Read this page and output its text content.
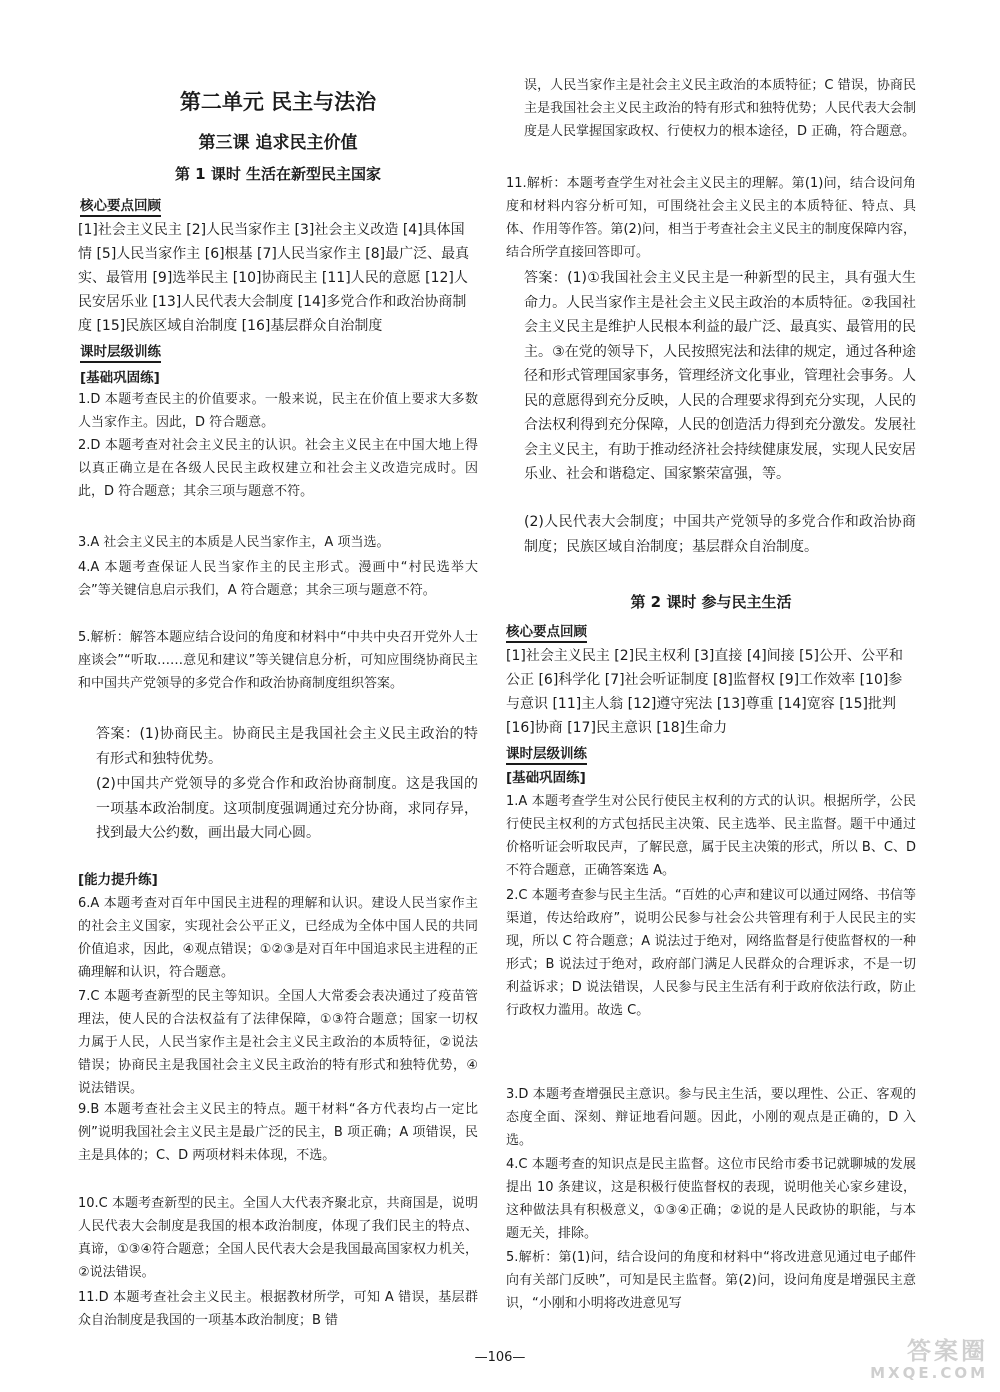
第二单元 民主与法治
第三课 追求民主价值
第 1 课时 生活在新型民主国家
核心要点回顾

[1]社会主义民主 [2]人民当家作主 [3]社会主义改造 [4]具体国情 [5]人民当家作主 [6]根基 [7]人民当家作主 [8]最广泛、最真实、最管用 [9]选举民主 [10]协商民主 [11]人民的意愿 [12]人民安居乐业 [13]人民代表大会制度 [14]多党合作和政治协商制度 [15]民族区域自治制度 [16]基层群众自治制度

课时层级训练
[基础巩固练]

1.D 本题考查民主的价值要求。一般来说，民主在价值上要求大多数人当家作主。因此，D 符合题意。

2.D 本题考查对社会主义民主的认识。社会主义民主在中国大地上得以真正确立是在各级人民民主政权建立和社会主义改造完成时。因此，D 符合题意；其余三项与题意不符。

3.A 社会主义民主的本质是人民当家作主，A 项当选。

4.A 本题考查保证人民当家作主的民主形式。漫画中“村民选举大会”等关键信息启示我们，A 符合题意；其余三项与题意不符。

5.解析：解答本题应结合设问的角度和材料中“中共中央召开党外人士座谈会”“听取……意见和建议”等关键信息分析，可知应围绕协商民主和中国共产党领导的多党合作和政治协商制度组织答案。

答案：(1)协商民主。协商民主是我国社会主义民主政治的特有形式和独特优势。

(2)中国共产党领导的多党合作和政治协商制度。这是我国的一项基本政治制度。这项制度强调通过充分协商，求同存异，找到最大公约数，画出最大同心圆。

[能力提升练]

6.A 本题考查对百年中国民主进程的理解和认识。建设人民当家作主的社会主义国家，实现社会公平正义，已经成为全体中国人民的共同价值追求，因此，④观点错误；①②③是对百年中国追求民主进程的正确理解和认识，符合题意。

7.C 本题考查新型的民主等知识。全国人大常委会表决通过了疫苗管理法，使人民的合法权益有了法律保障，①③符合题意；国家一切权力属于人民，人民当家作主是社会主义民主政治的本质特征，②说法错误；协商民主是我国社会主义民主政治的特有形式和独特优势，④说法错误。

9.B 本题考查社会主义民主的特点。题干材料“各方代表均占一定比例”说明我国社会主义民主是最广泛的民主，B 项正确；A 项错误，民主是具体的；C、D 两项材料未体现，不选。

10.C 本题考查新型的民主。全国人大代表齐聚北京，共商国是，说明人民代表大会制度是我国的根本政治制度，体现了我们民主的特点、真谛，①③④符合题意；全国人民代表大会是我国最高国家权力机关，②说法错误。

11.D 本题考查社会主义民主。根据教材所学，可知 A 错误，基层群众自治制度是我国的一项基本政治制度；B 错

误，人民当家作主是社会主义民主政治的本质特征；C 错误，协商民主是我国社会主义民主政治的特有形式和独特优势；人民代表大会制度是人民掌握国家政权、行使权力的根本途径，D 正确，符合题意。

11.解析：本题考查学生对社会主义民主的理解。第(1)问，结合设问角度和材料内容分析可知，可围绕社会主义民主的本质特征、特点、具体、作用等作答。第(2)问，相当于考查社会主义民主的制度保障内容，结合所学直接回答即可。

答案：(1)①我国社会主义民主是一种新型的民主，具有强大生命力。人民当家作主是社会主义民主政治的本质特征。②我国社会主义民主是维护人民根本利益的最广泛、最真实、最管用的民主。③在党的领导下，人民按照宪法和法律的规定，通过各种途径和形式管理国家事务，管理经济文化事业，管理社会事务。人民的意愿得到充分反映，人民的合理要求得到充分实现，人民的合法权利得到充分保障，人民的创造活力得到充分激发。发展社会主义民主，有助于推动经济社会持续健康发展，实现人民安居乐业、社会和谐稳定、国家繁荣富强，等。

(2)人民代表大会制度；中国共产党领导的多党合作和政治协商制度；民族区域自治制度；基层群众自治制度。

第 2 课时 参与民主生活
核心要点回顾

[1]社会主义民主 [2]民主权利 [3]直接 [4]间接 [5]公开、公平和公正 [6]科学化 [7]社会听证制度 [8]监督权 [9]工作效率 [10]参与意识 [11]主人翁 [12]遵守宪法 [13]尊重 [14]宽容 [15]批判 [16]协商 [17]民主意识 [18]生命力

课时层级训练
[基础巩固练]

1.A 本题考查学生对公民行使民主权利的方式的认识。根据所学，公民行使民主权利的方式包括民主决策、民主选举、民主监督。题干中通过价格听证会听取民声，了解民意，属于民主决策的形式，所以 B、C、D 不符合题意，正确答案选 A。

2.C 本题考查参与民主生活。“百姓的心声和建议可以通过网络、书信等渠道，传达给政府”，说明公民参与社会公共管理有利于人民民主的实现，所以 C 符合题意；A 说法过于绝对，网络监督是行使监督权的一种形式；B 说法过于绝对，政府部门满足人民群众的合理诉求，不是一切利益诉求；D 说法错误，人民参与民主生活有利于政府依法行政，防止行政权力滥用。故选 C。

3.D 本题考查增强民主意识。参与民主生活，要以理性、公正、客观的态度全面、深刻、辩证地看问题。因此，小刚的观点是正确的，D 入选。

4.C 本题考查的知识点是民主监督。这位市民给市委书记就聊城的发展提出 10 条建议，这是积极行使监督权的表现，说明他关心家乡建设，这种做法具有积极意义，①③④正确；②说的是人民政协的职能，与本题无关，排除。

5.解析：第(1)问，结合设问的角度和材料中“将改进意见通过电子邮件向有关部门反映”，可知是民主监督。第(2)问，设问角度是增强民主意识，“小刚和小明将改进意见写

—106—	答案圈
MXQE.COM
